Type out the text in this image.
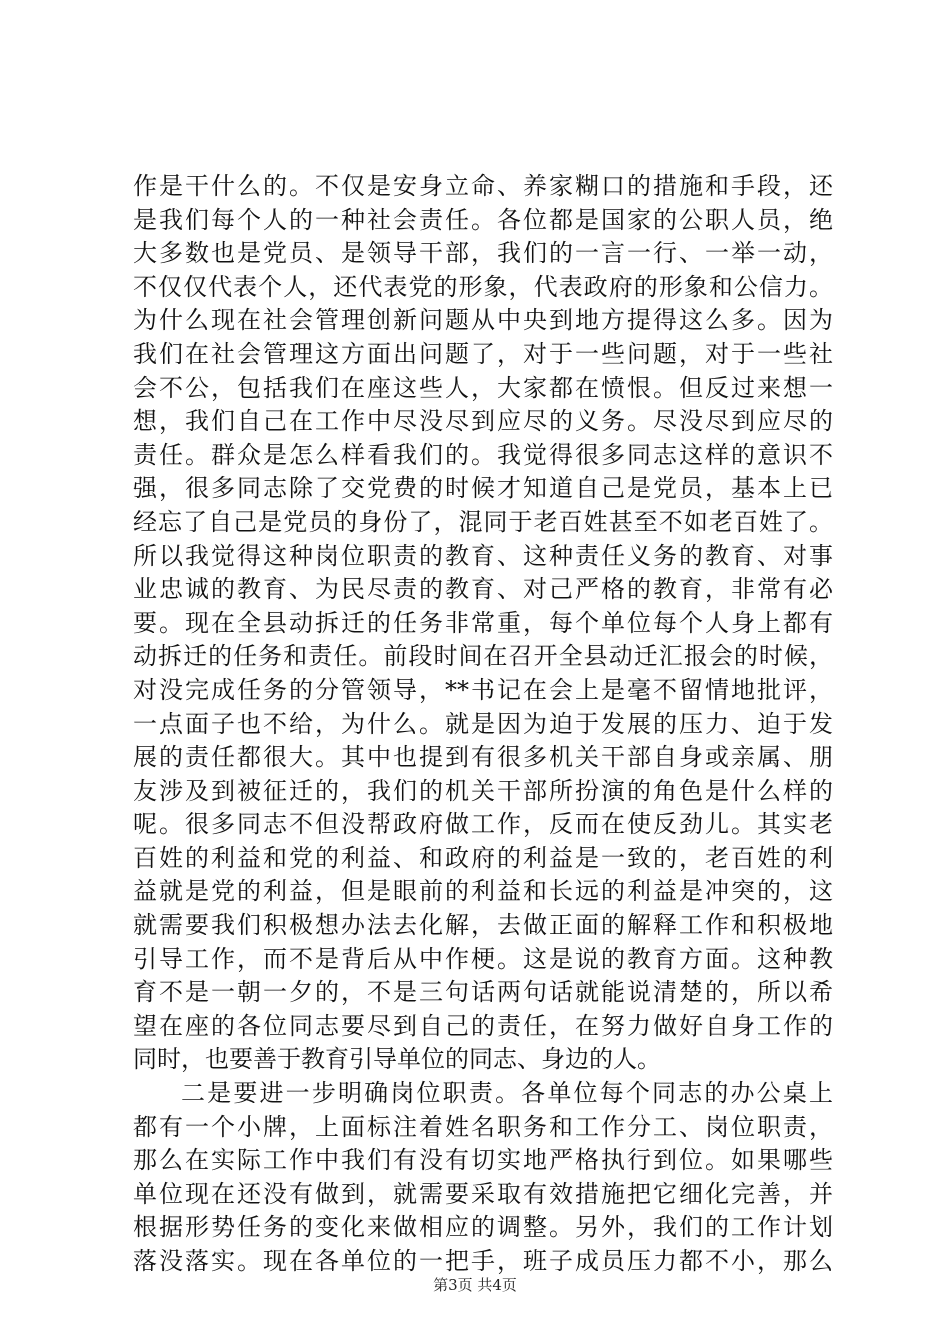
作是干什么的。不仅是安身立命、养家糊口的措施和手段，还
是我们每个人的一种社会责任。各位都是国家的公职人员，绝
大多数也是党员、是领导干部，我们的一言一行、一举一动，
不仅仅代表个人，还代表党的形象，代表政府的形象和公信力。
为什么现在社会管理创新问题从中央到地方提得这么多。因为
我们在社会管理这方面出问题了，对于一些问题，对于一些社
会不公，包括我们在座这些人，大家都在愤恨。但反过来想一
想，我们自己在工作中尽没尽到应尽的义务。尽没尽到应尽的
责任。群众是怎么样看我们的。我觉得很多同志这样的意识不
强，很多同志除了交党费的时候才知道自己是党员，基本上已
经忘了自己是党员的身份了，混同于老百姓甚至不如老百姓了。
所以我觉得这种岗位职责的教育、这种责任义务的教育、对事
业忠诚的教育、为民尽责的教育、对己严格的教育，非常有必
要。现在全县动拆迁的任务非常重，每个单位每个人身上都有
动拆迁的任务和责任。前段时间在召开全县动迁汇报会的时候，
对没完成任务的分管领导，**书记在会上是毫不留情地批评，
一点面子也不给，为什么。就是因为迫于发展的压力、迫于发
展的责任都很大。其中也提到有很多机关干部自身或亲属、朋
友涉及到被征迁的，我们的机关干部所扮演的角色是什么样的
呢。很多同志不但没帮政府做工作，反而在使反劲儿。其实老
百姓的利益和党的利益、和政府的利益是一致的，老百姓的利
益就是党的利益，但是眼前的利益和长远的利益是冲突的，这
就需要我们积极想办法去化解，去做正面的解释工作和积极地
引导工作，而不是背后从中作梗。这是说的教育方面。这种教
育不是一朝一夕的，不是三句话两句话就能说清楚的，所以希
望在座的各位同志要尽到自己的责任，在努力做好自身工作的
同时，也要善于教育引导单位的同志、身边的人。
二是要进一步明确岗位职责。各单位每个同志的办公桌上
都有一个小牌，上面标注着姓名职务和工作分工、岗位职责，
那么在实际工作中我们有没有切实地严格执行到位。如果哪些
单位现在还没有做到，就需要采取有效措施把它细化完善，并
根据形势任务的变化来做相应的调整。另外，我们的工作计划
落没落实。现在各单位的一把手，班子成员压力都不小，那么
第3页 共4页
